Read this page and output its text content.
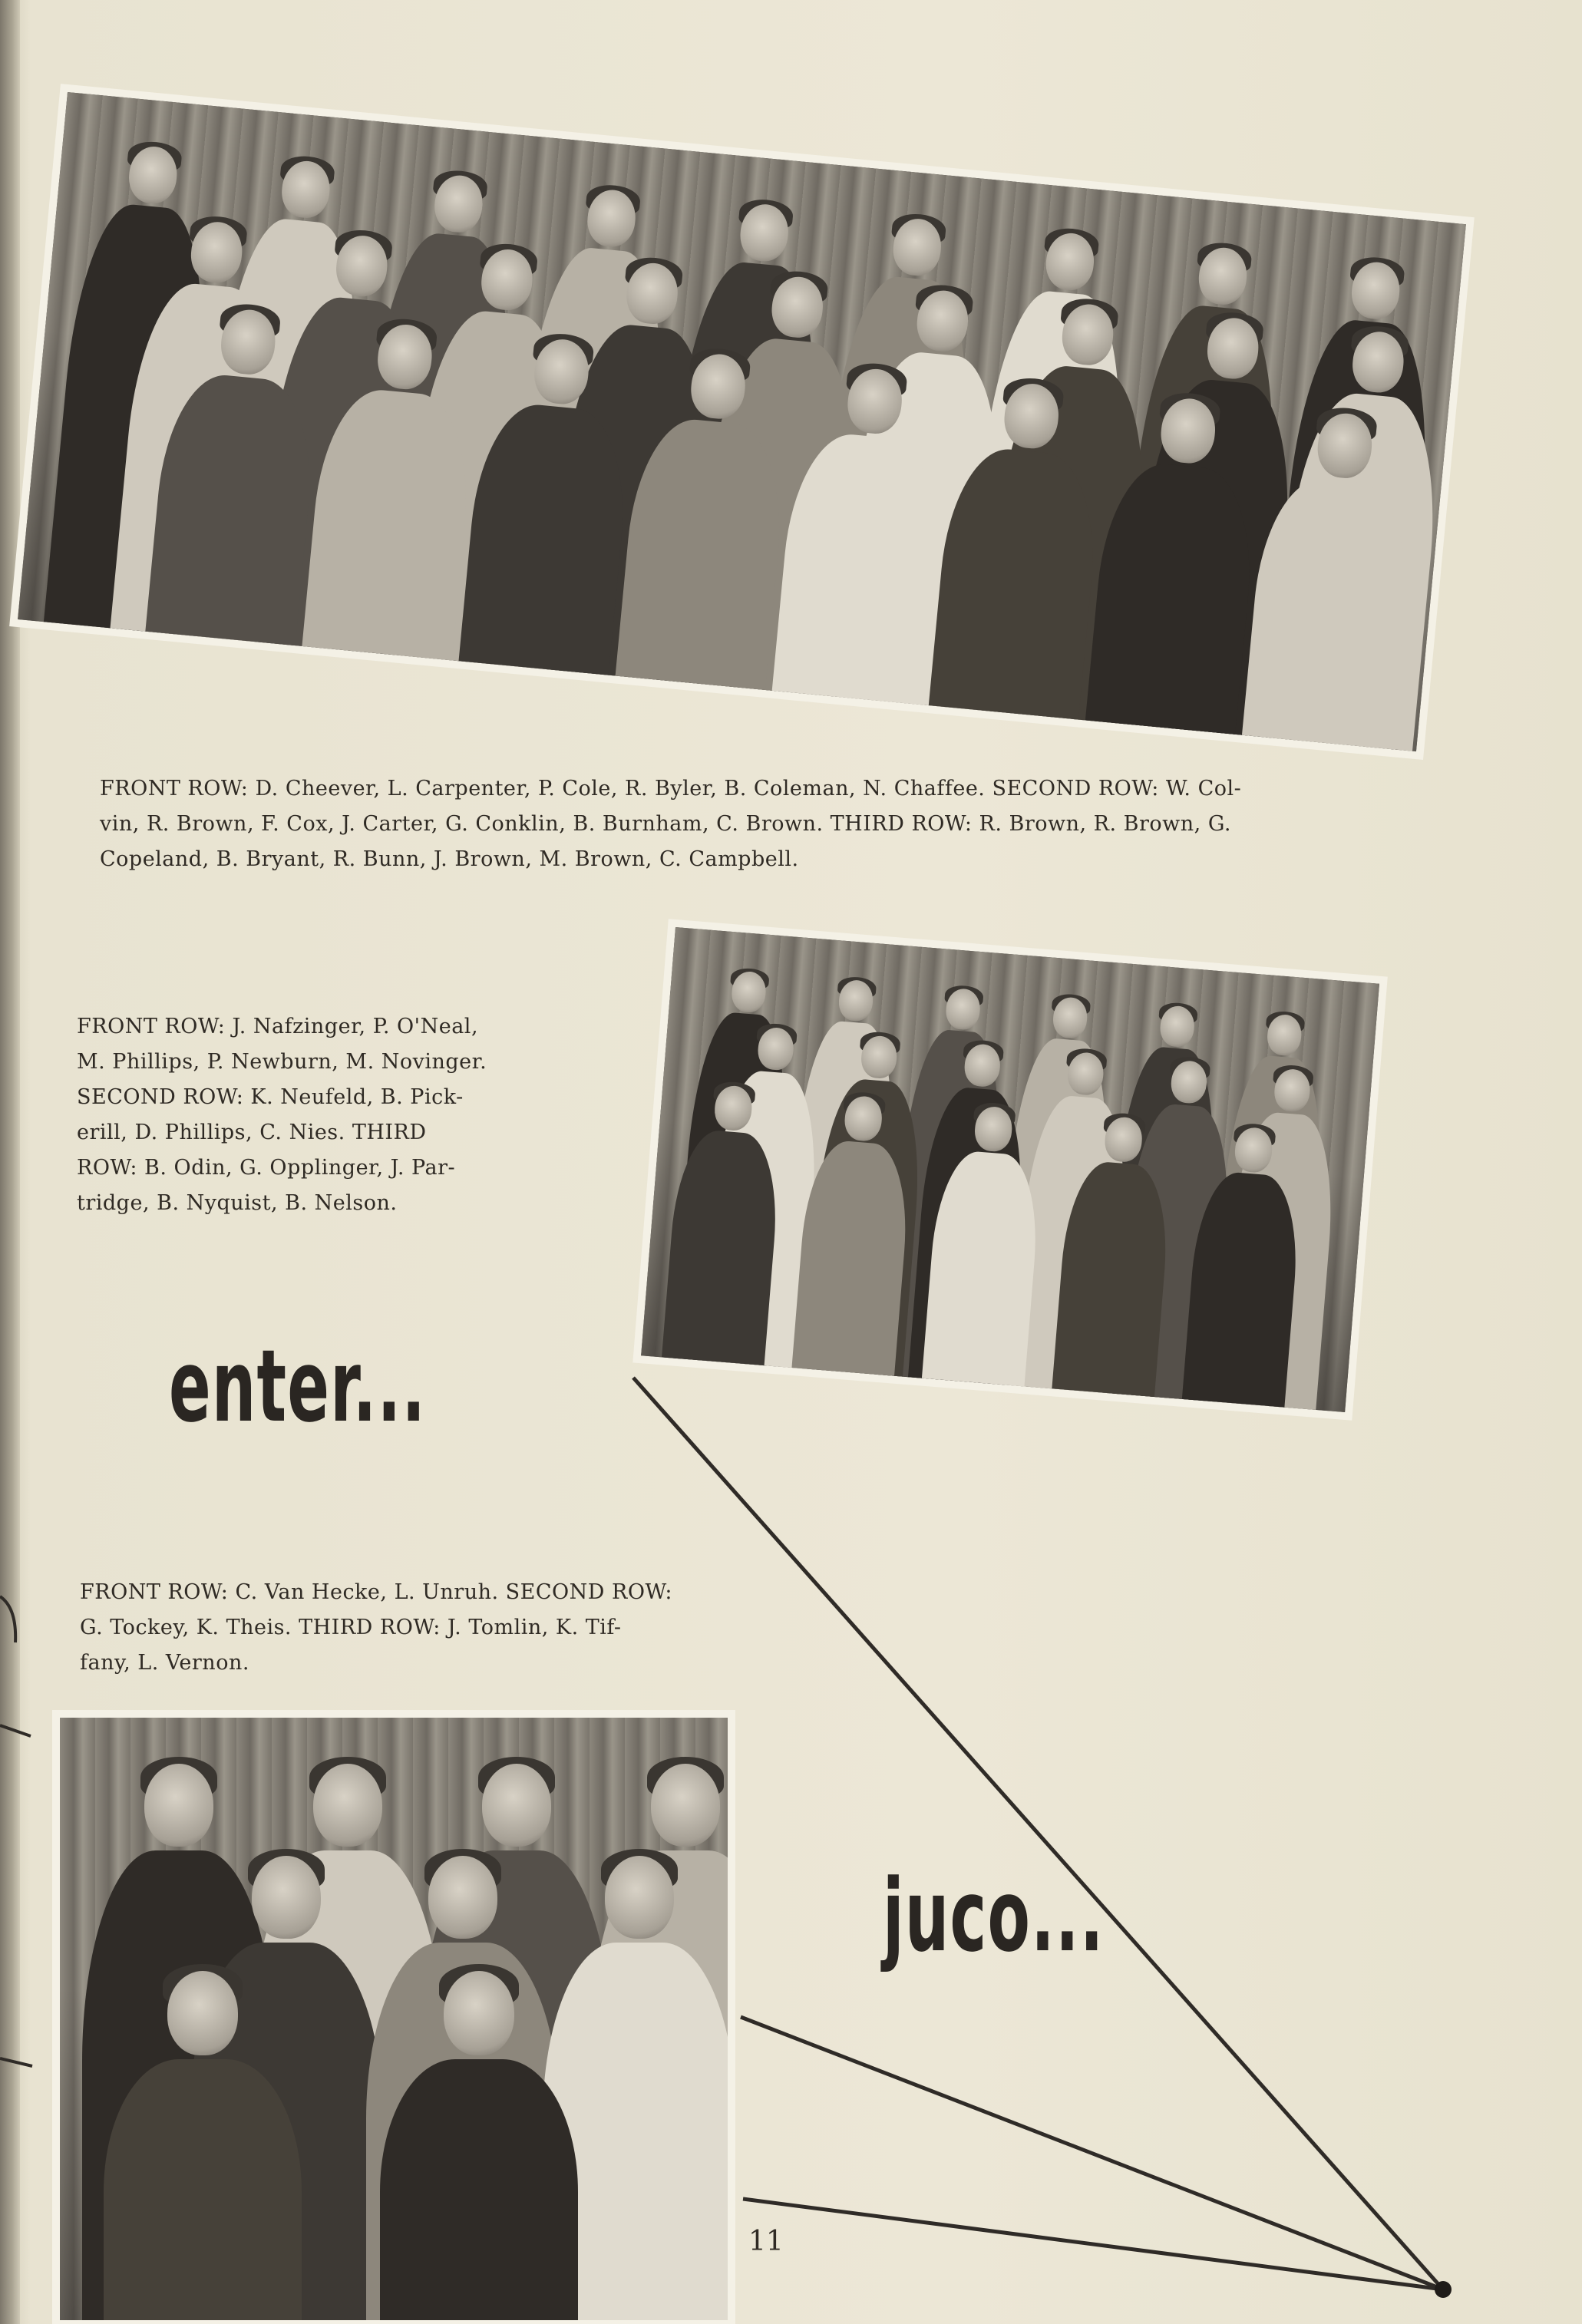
FRONT ROW: D. Cheever, L. Carpenter, P. Cole, R. Byler, B. Coleman, N. Chaffee. SECOND ROW: W. Col-

vin, R. Brown, F. Cox, J. Carter, G. Conklin, B. Burnham, C. Brown. THIRD ROW: R. Brown, R. Brown, G.

Copeland, B. Bryant, R. Bunn, J. Brown, M. Brown, C. Campbell.

FRONT ROW: J. Nafzinger, P. O'Neal,

M. Phillips, P. Newburn, M. Novinger.

SECOND ROW: K. Neufeld, B. Pick-

erill, D. Phillips, C. Nies. THIRD

ROW: B. Odin, G. Opplinger, J. Par-

tridge, B. Nyquist, B. Nelson.

enter...

FRONT ROW: C. Van Hecke, L. Unruh. SECOND ROW:

G. Tockey, K. Theis. THIRD ROW: J. Tomlin, K. Tif-

fany, L. Vernon.

juco...
11
